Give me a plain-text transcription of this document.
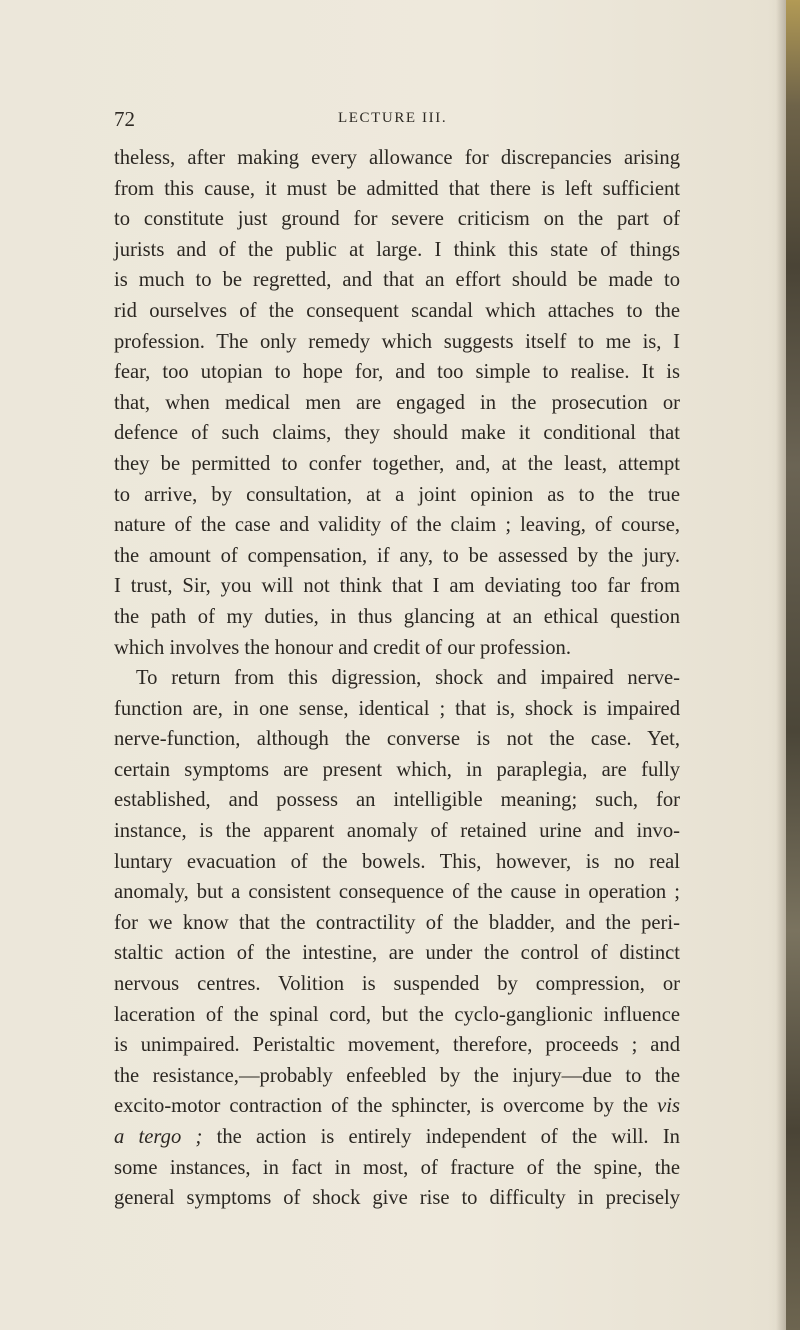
72	LECTURE III.
theless, after making every allowance for discrepancies arising
from this cause, it must be admitted that there is left sufficient
to constitute just ground for severe criticism on the part of
jurists and of the public at large. I think this state of things
is much to be regretted, and that an effort should be made to
rid ourselves of the consequent scandal which attaches to the
profession. The only remedy which suggests itself to me is, I
fear, too utopian to hope for, and too simple to realise. It is
that, when medical men are engaged in the prosecution or
defence of such claims, they should make it conditional that
they be permitted to confer together, and, at the least, attempt
to arrive, by consultation, at a joint opinion as to the true
nature of the case and validity of the claim ; leaving, of course,
the amount of compensation, if any, to be assessed by the jury.
I trust, Sir, you will not think that I am deviating too far from
the path of my duties, in thus glancing at an ethical question
which involves the honour and credit of our profession.
To return from this digression, shock and impaired nerve-
function are, in one sense, identical ; that is, shock is impaired
nerve-function, although the converse is not the case. Yet,
certain symptoms are present which, in paraplegia, are fully
established, and possess an intelligible meaning; such, for
instance, is the apparent anomaly of retained urine and invo-
luntary evacuation of the bowels. This, however, is no real
anomaly, but a consistent consequence of the cause in operation ;
for we know that the contractility of the bladder, and the peri-
staltic action of the intestine, are under the control of distinct
nervous centres. Volition is suspended by compression, or
laceration of the spinal cord, but the cyclo-ganglionic influence
is unimpaired. Peristaltic movement, therefore, proceeds ; and
the resistance,—probably enfeebled by the injury—due to the
excito-motor contraction of the sphincter, is overcome by the vis
a tergo ; the action is entirely independent of the will. In
some instances, in fact in most, of fracture of the spine, the
general symptoms of shock give rise to difficulty in precisely
